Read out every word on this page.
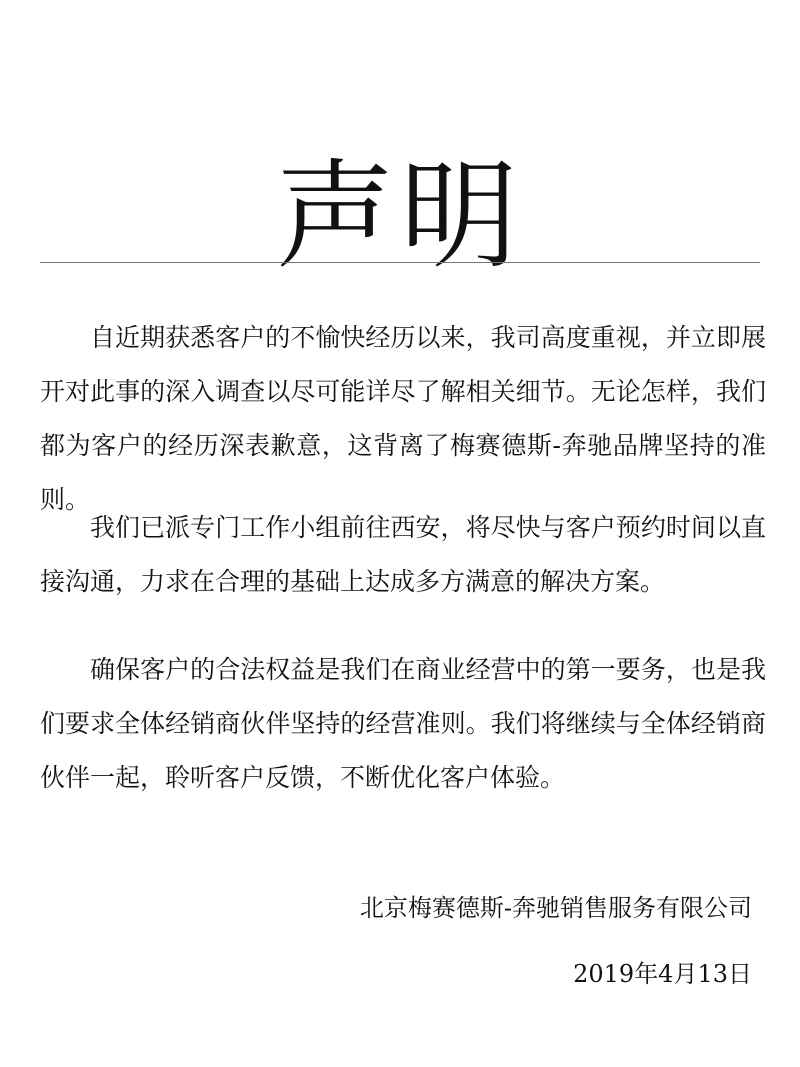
声明

自近期获悉客户的不愉快经历以来，我司高度重视，并立即展开对此事的深入调查以尽可能详尽了解相关细节。无论怎样，我们都为客户的经历深表歉意，这背离了梅赛德斯-奔驰品牌坚持的准则。

我们已派专门工作小组前往西安，将尽快与客户预约时间以直接沟通，力求在合理的基础上达成多方满意的解决方案。

确保客户的合法权益是我们在商业经营中的第一要务，也是我们要求全体经销商伙伴坚持的经营准则。我们将继续与全体经销商伙伴一起，聆听客户反馈，不断优化客户体验。

北京梅赛德斯-奔驰销售服务有限公司
2019年4月13日
